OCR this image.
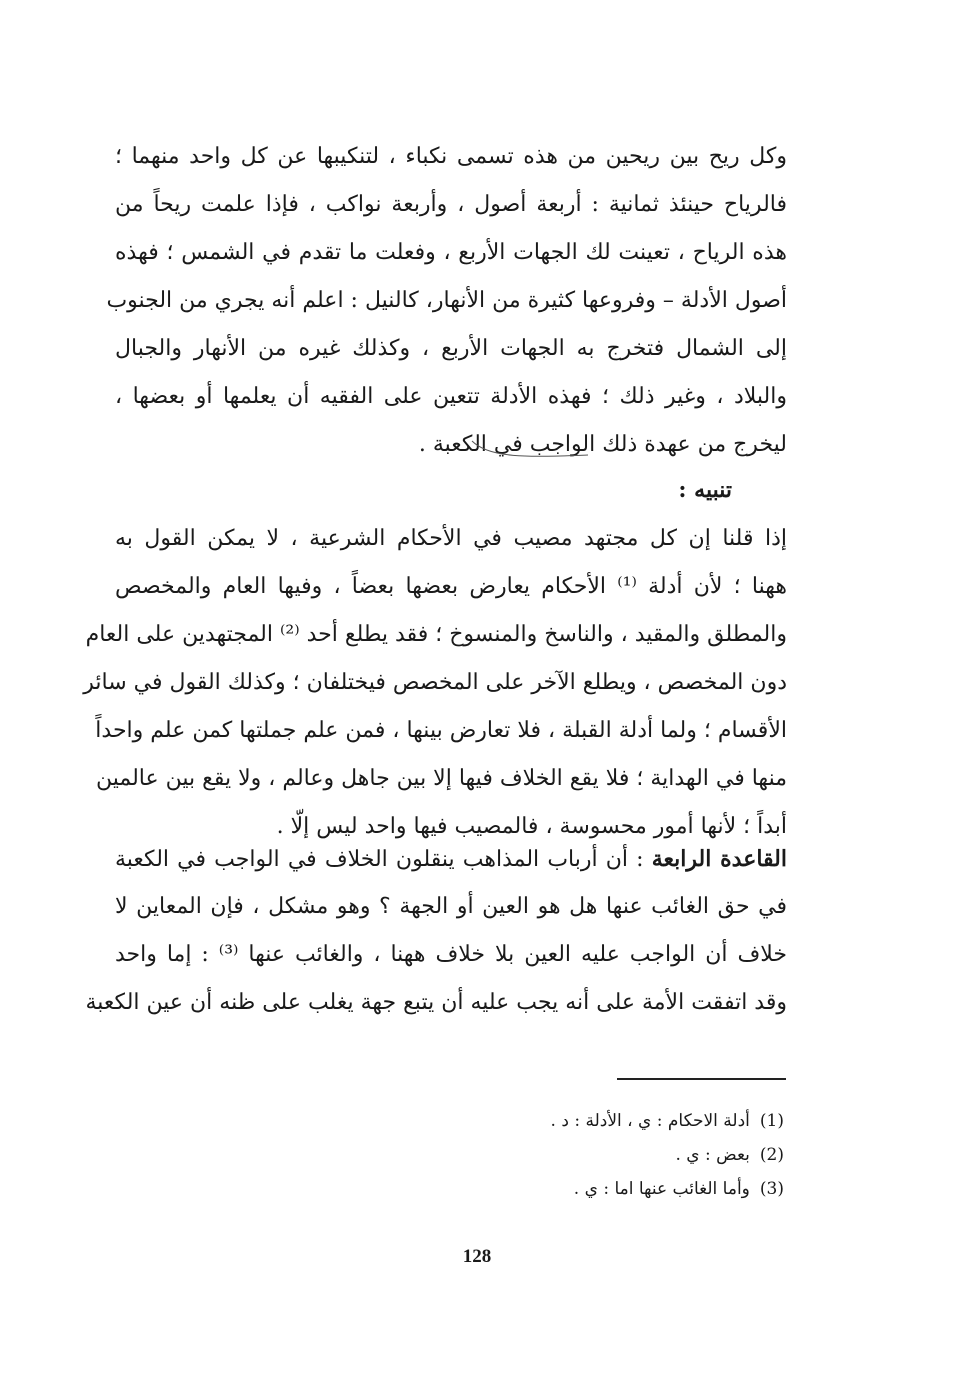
وكل ريح بين ريحين من هذه تسمى نكباء ، لتنكيبها عن كل واحد منهما ؛
فالرياح حينئذ ثمانية : أربعة أصول ، وأربعة نواكب ، فإذا علمت ريحاً من
هذه الرياح ، تعينت لك الجهات الأربع ، وفعلت ما تقدم في الشمس ؛ فهذه
أصول الأدلة – وفروعها كثيرة من الأنهار، كالنيل : اعلم أنه يجري من الجنوب
إلى الشمال فتخرج به الجهات الأربع ، وكذلك غيره من الأنهار والجبال
والبلاد ، وغير ذلك ؛ فهذه الأدلة تتعين على الفقيه أن يعلمها أو بعضها ،
ليخرج من عهدة ذلك الواجب في الكعبة .
تنبيه :
إذا قلنا إن كل مجتهد مصيب في الأحكام الشرعية ، لا يمكن القول به
ههنا ؛ لأن أدلة ⁽¹⁾ الأحكام يعارض بعضها بعضاً ، وفيها العام والمخصص
والمطلق والمقيد ، والناسخ والمنسوخ ؛ فقد يطلع أحد ⁽²⁾ المجتهدين على العام
دون المخصص ، ويطلع الآخر على المخصص فيختلفان ؛ وكذلك القول في سائر
الأقسام ؛ ولما أدلة القبلة ، فلا تعارض بينها ، فمن علم جملتها كمن علم واحداً
منها في الهداية ؛ فلا يقع الخلاف فيها إلا بين جاهل وعالم ، ولا يقع بين عالمين
أبداً ؛ لأنها أمور محسوسة ، فالمصيب فيها واحد ليس إلّا .
القاعدة الرابعة : أن أرباب المذاهب ينقلون الخلاف في الواجب في الكعبة
في حق الغائب عنها هل هو العين أو الجهة ؟ وهو مشكل ، فإن المعاين لا
خلاف أن الواجب عليه العين بلا خلاف ههنا ، والغائب عنها ⁽³⁾ : إما واحد
وقد اتفقت الأمة على أنه يجب عليه أن يتبع جهة يغلب على ظنه أن عين الكعبة
(1)أدلة الاحكام : ي ، الأدلة : د .
(2)بعض : ي .
(3)وأما الغائب عنها اما : ي .
128
